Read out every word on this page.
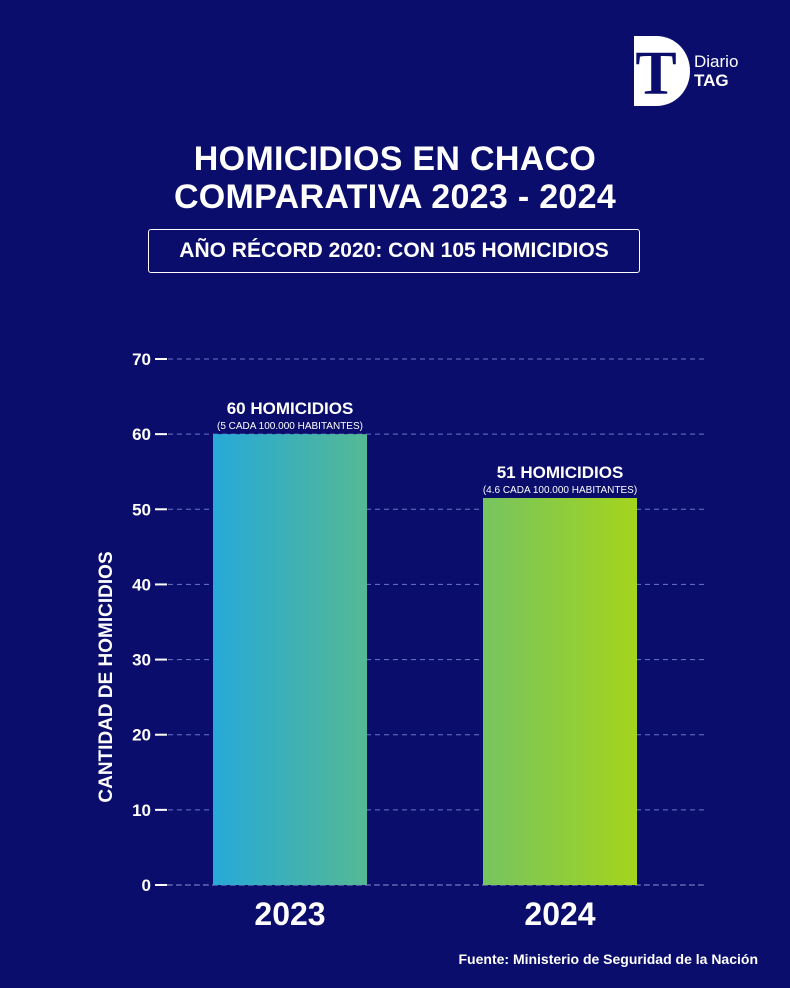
T Diario
TAG
HOMICIDIOS EN CHACO
COMPARATIVA 2023 - 2024
AÑO RÉCORD 2020: CON 105 HOMICIDIOS
0
10
20
30
40
50
60
70
60 HOMICIDIOS
(5 CADA 100.000 HABITANTES)
2023
51 HOMICIDIOS
(4.6 CADA 100.000 HABITANTES)
2024
CANTIDAD DE HOMICIDIOS
Fuente: Ministerio de Seguridad de la Nación
